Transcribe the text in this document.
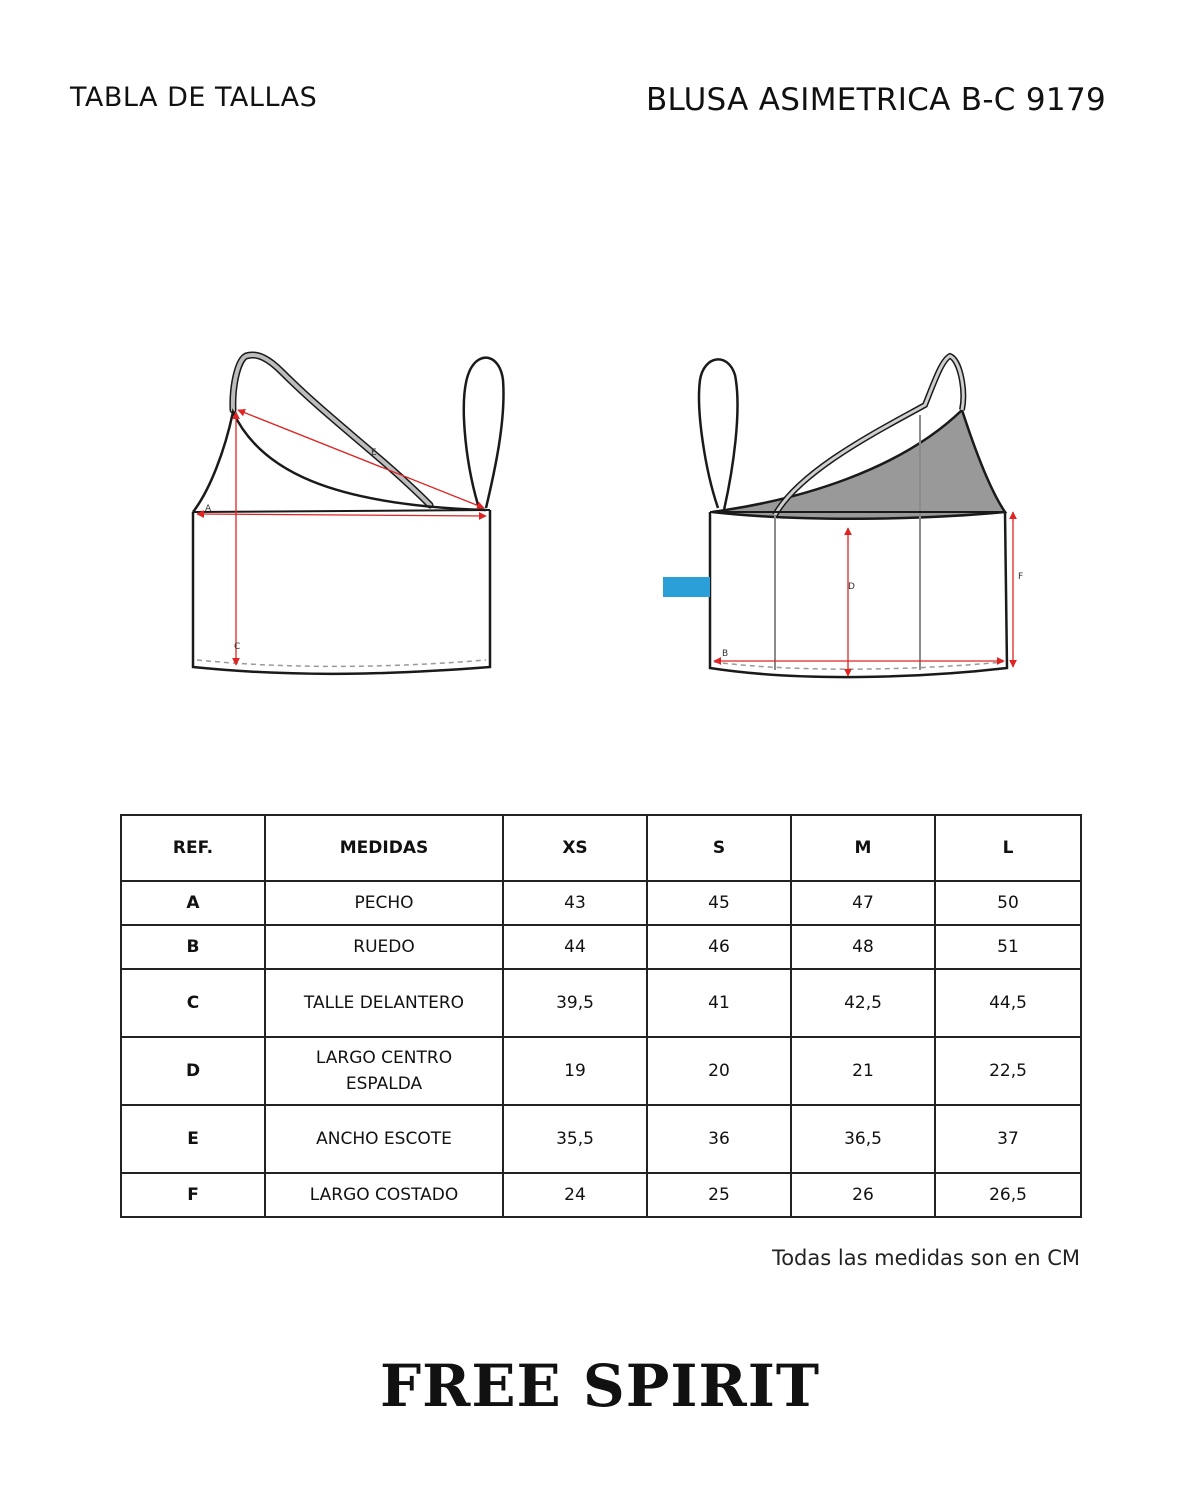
TABLA DE TALLAS	BLUSA ASIMETRICA B-C 9179
A
C
E
B
D
F
REF.	MEDIDAS	XS	S	M	L
A	PECHO	43	45	47	50
B	RUEDO	44	46	48	51
C	TALLE DELANTERO	39,5	41	42,5	44,5
D	LARGO CENTRO ESPALDA	19	20	21	22,5
E	ANCHO ESCOTE	35,5	36	36,5	37
F	LARGO COSTADO	24	25	26	26,5
Todas las medidas son en CM
FREE SPIRIT
